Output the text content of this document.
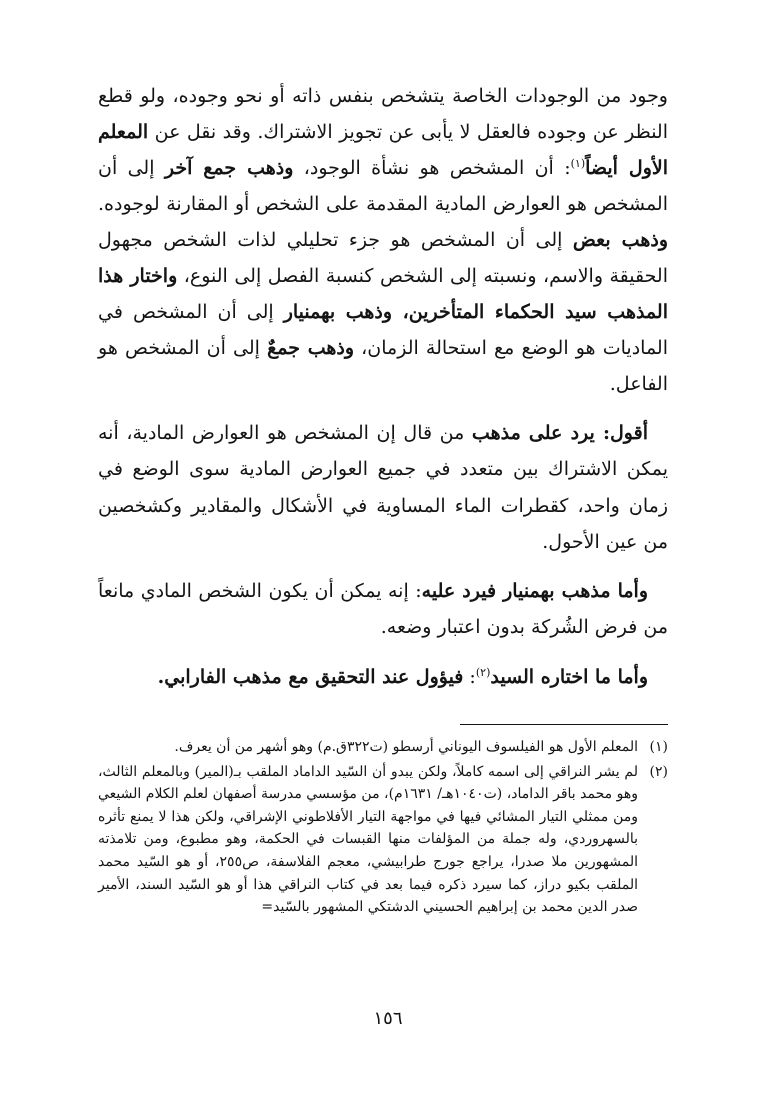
وجود من الوجودات الخاصة يتشخص بنفس ذاته أو نحو وجوده، ولو قطع النظر عن وجوده فالعقل لا يأبى عن تجويز الاشتراك. وقد نقل عن المعلم الأول أيضاً$^{(١)}$: أن المشخص هو نشأة الوجود، وذهب جمع آخر إلى أن المشخص هو العوارض المادية المقدمة على الشخص أو المقارنة لوجوده. وذهب بعض إلى أن المشخص هو جزء تحليلي لذات الشخص مجهول الحقيقة والاسم، ونسبته إلى الشخص كنسبة الفصل إلى النوع، واختار هذا المذهب سيد الحكماء المتأخرين، وذهب بهمنيار إلى أن المشخص في الماديات هو الوضع مع استحالة الزمان، وذهب جمعٌ إلى أن المشخص هو الفاعل.

أقول: يرد على مذهب من قال إن المشخص هو العوارض المادية، أنه يمكن الاشتراك بين متعدد في جميع العوارض المادية سوى الوضع في زمان واحد، كقطرات الماء المساوية في الأشكال والمقادير وكشخصين من عين الأحول.

وأما مذهب بهمنيار فيرد عليه: إنه يمكن أن يكون الشخص المادي مانعاً من فرض الشُركة بدون اعتبار وضعه.

وأما ما اختاره السيد$^{(٢)}$: فيؤول عند التحقيق مع مذهب الفارابي.

(١)
المعلم الأول هو الفيلسوف اليوناني أرسطو (ت٣٢٢ق.م) وهو أشهر من أن يعرف.
(٢)
لم يشر النراقي إلى اسمه كاملاً، ولكن يبدو أن السّيد الداماد الملقب بـ(المير) وبالمعلم الثالث، وهو محمد باقر الداماد، (ت١٠٤٠هـ/ ١٦٣١م)، من مؤسسي مدرسة أصفهان لعلم الكلام الشيعي ومن ممثلي التيار المشائي فيها في مواجهة التيار الأفلاطوني الإشراقي، ولكن هذا لا يمنع تأثره بالسهروردي، وله جملة من المؤلفات منها القبسات في الحكمة، وهو مطبوع، ومن تلامذته المشهورين ملا صدرا، يراجع جورج طرابيشي، معجم الفلاسفة، ص٢٥٥، أو هو السّيد محمد الملقب بكيو دراز، كما سيرد ذكره فيما بعد في كتاب النراقي هذا أو هو السّيد السند، الأمير صدر الدين محمد بن إبراهيم الحسيني الدشتكي المشهور بالسّيد=
١٥٦
